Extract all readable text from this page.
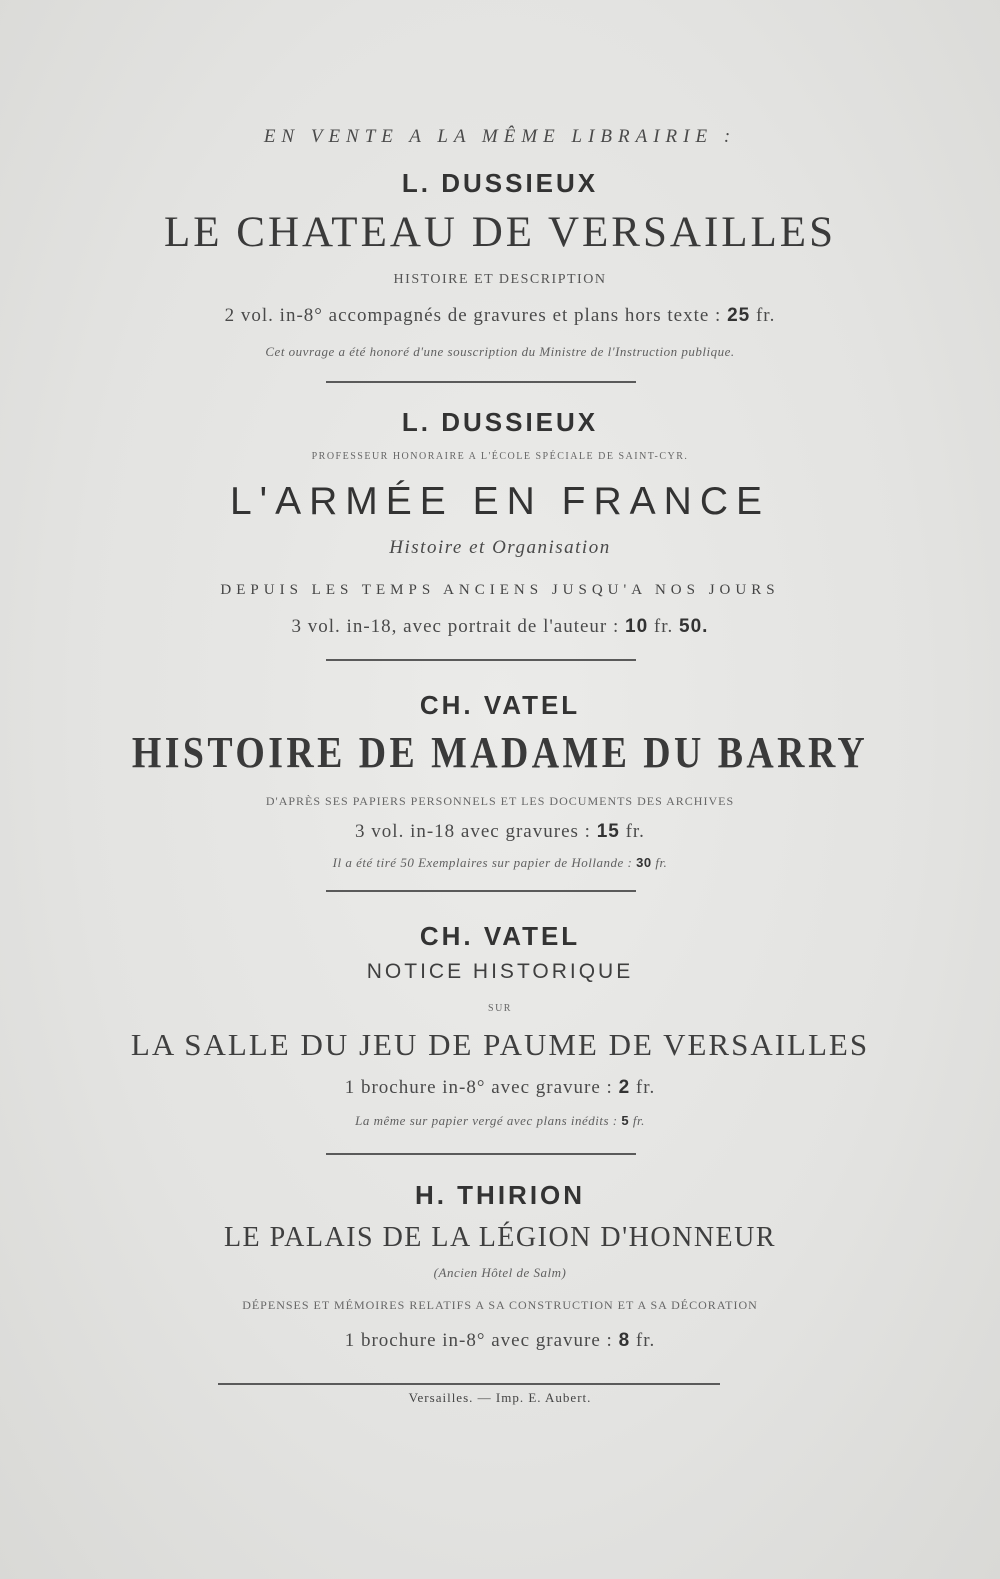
EN VENTE A LA MÊME LIBRAIRIE :
L. DUSSIEUX
LE CHATEAU DE VERSAILLES
HISTOIRE ET DESCRIPTION
2 vol. in-8° accompagnés de gravures et plans hors texte : 25 fr.
Cet ouvrage a été honoré d'une souscription du Ministre de l'Instruction publique.
L. DUSSIEUX
PROFESSEUR HONORAIRE A L'ÉCOLE SPÉCIALE DE SAINT-CYR.
L'ARMÉE EN FRANCE
Histoire et Organisation
DEPUIS LES TEMPS ANCIENS JUSQU'A NOS JOURS
3 vol. in-18, avec portrait de l'auteur : 10 fr. 50.
CH. VATEL
HISTOIRE DE MADAME DU BARRY
D'APRÈS SES PAPIERS PERSONNELS ET LES DOCUMENTS DES ARCHIVES
3 vol. in-18 avec gravures : 15 fr.
Il a été tiré 50 Exemplaires sur papier de Hollande : 30 fr.
CH. VATEL
NOTICE HISTORIQUE
SUR
LA SALLE DU JEU DE PAUME DE VERSAILLES
1 brochure in-8° avec gravure : 2 fr.
La même sur papier vergé avec plans inédits : 5 fr.
H. THIRION
LE PALAIS DE LA LÉGION D'HONNEUR
(Ancien Hôtel de Salm)
DÉPENSES ET MÉMOIRES RELATIFS A SA CONSTRUCTION ET A SA DÉCORATION
1 brochure in-8° avec gravure : 8 fr.
Versailles. — Imp. E. Aubert.
